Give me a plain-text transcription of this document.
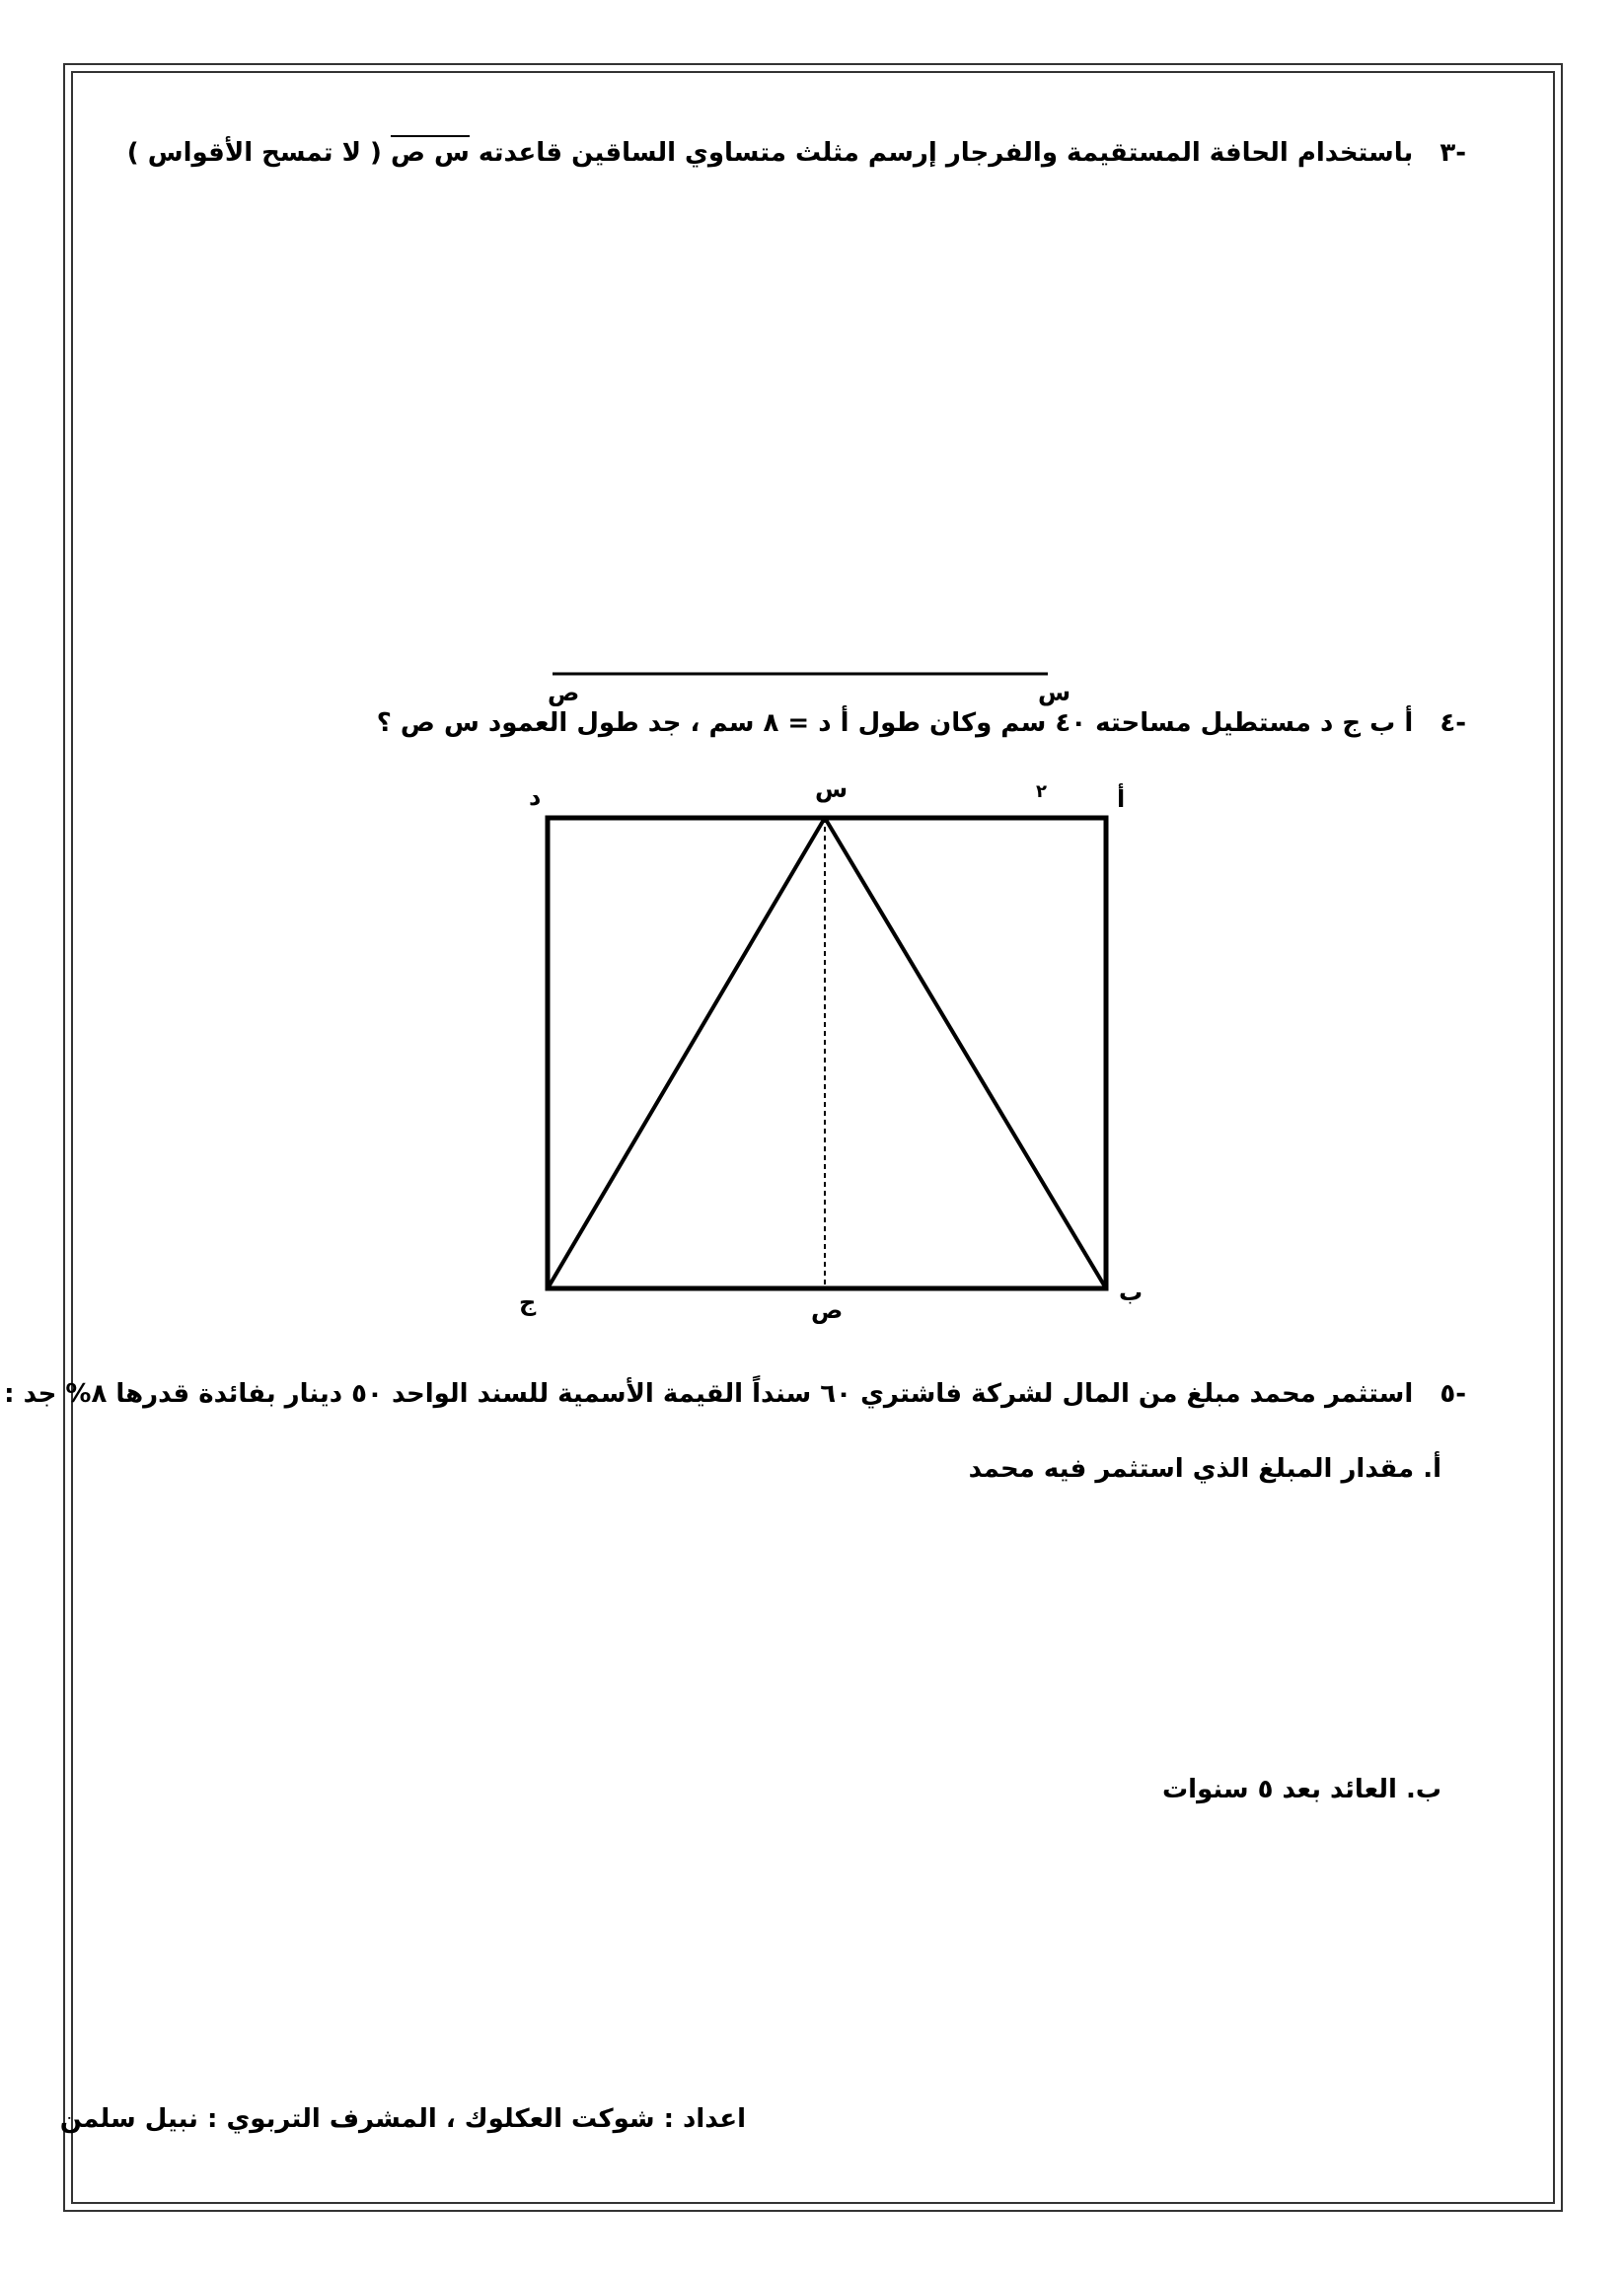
-٣ باستخدام الحافة المستقيمة والفرجار إرسم مثلث متساوي الساقين قاعدته س ص ( لا تمسح الأقواس )
ص	س
-٤ أ ب ج د مستطيل مساحته ٤٠ سم وكان طول أ د = ٨ سم ، جد طول العمود س ص ؟
أ
٢
س
د
ب
ص
ج
-٥ استثمر محمد مبلغ من المال لشركة فاشتري ٦٠ سنداً القيمة الأسمية للسند الواحد ٥٠ دينار بفائدة قدرها ٨% جد :
أ. مقدار المبلغ الذي استثمر فيه محمد
ب. العائد بعد ٥ سنوات
اعداد : شوكت العكلوك ، المشرف التربوي : نبيل سلمن
